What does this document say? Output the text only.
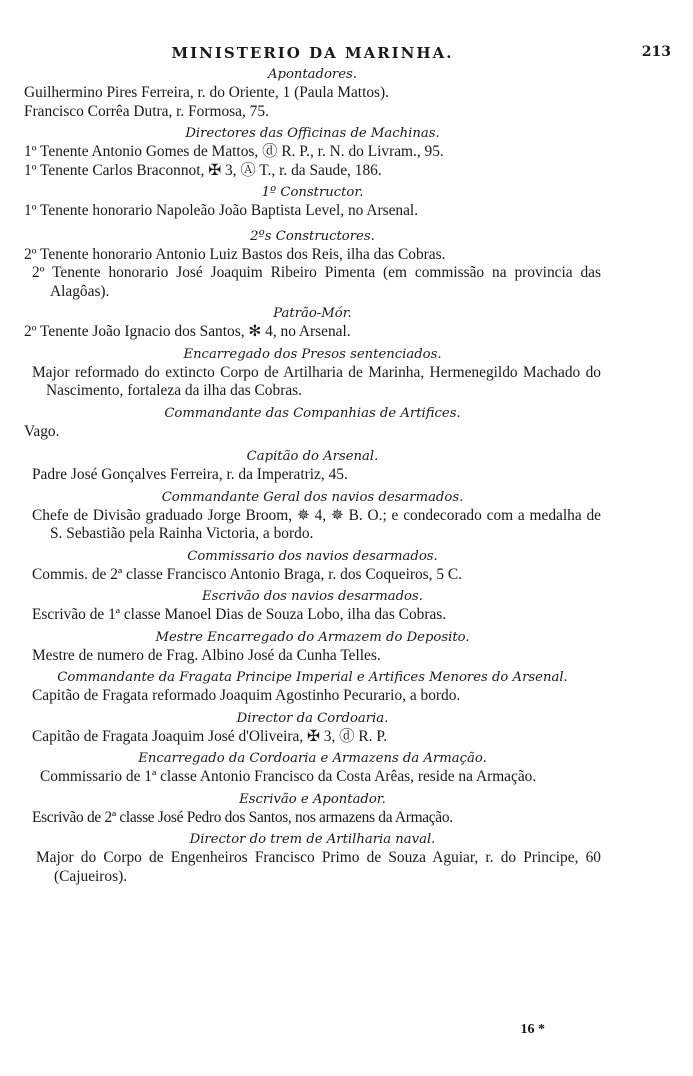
MINISTERIO DA MARINHA.	213

Apontadores.

Guilhermino Pires Ferreira, r. do Oriente, 1 (Paula Mattos).

Francisco Corrêa Dutra, r. Formosa, 75.

Directores das Officinas de Machinas.

1º Tenente Antonio Gomes de Mattos, ⓓ R. P., r. N. do Livram., 95.

1º Tenente Carlos Braconnot, ✠ 3, Ⓐ T., r. da Saude, 186.

1º Constructor.

1º Tenente honorario Napoleão João Baptista Level, no Arsenal.

2ºs Constructores.

2º Tenente honorario Antonio Luiz Bastos dos Reis, ilha das Cobras.

2º Tenente honorario José Joaquim Ribeiro Pimenta (em commissão na provincia das Alagôas).

Patrão-Mór.

2º Tenente João Ignacio dos Santos, ✻ 4, no Arsenal.

Encarregado dos Presos sentenciados.

Major reformado do extincto Corpo de Artilharia de Marinha, Hermenegildo Machado do Nascimento, fortaleza da ilha das Cobras.

Commandante das Companhias de Artifices.

Vago.

Capitão do Arsenal.

Padre José Gonçalves Ferreira, r. da Imperatriz, 45.

Commandante Geral dos navios desarmados.

Chefe de Divisão graduado Jorge Broom, ✵ 4, ✵ B. O.; e condecorado com a medalha de S. Sebastião pela Rainha Victoria, a bordo.

Commissario dos navios desarmados.

Commis. de 2ª classe Francisco Antonio Braga, r. dos Coqueiros, 5 C.

Escrivão dos navios desarmados.

Escrivão de 1ª classe Manoel Dias de Souza Lobo, ilha das Cobras.

Mestre Encarregado do Armazem do Deposito.

Mestre de numero de Frag. Albino José da Cunha Telles.

Commandante da Fragata Principe Imperial e Artifices Menores do Arsenal.

Capitão de Fragata reformado Joaquim Agostinho Pecurario, a bordo.

Director da Cordoaria.

Capitão de Fragata Joaquim José d'Oliveira, ✠ 3, ⓓ R. P.

Encarregado da Cordoaria e Armazens da Armação.

Commissario de 1ª classe Antonio Francisco da Costa Arêas, reside na Armação.

Escrivão e Apontador.

Escrivão de 2ª classe José Pedro dos Santos, nos armazens da Armação.

Director do trem de Artilharia naval.

Major do Corpo de Engenheiros Francisco Primo de Souza Aguiar, r. do Principe, 60 (Cajueiros).

16 *
